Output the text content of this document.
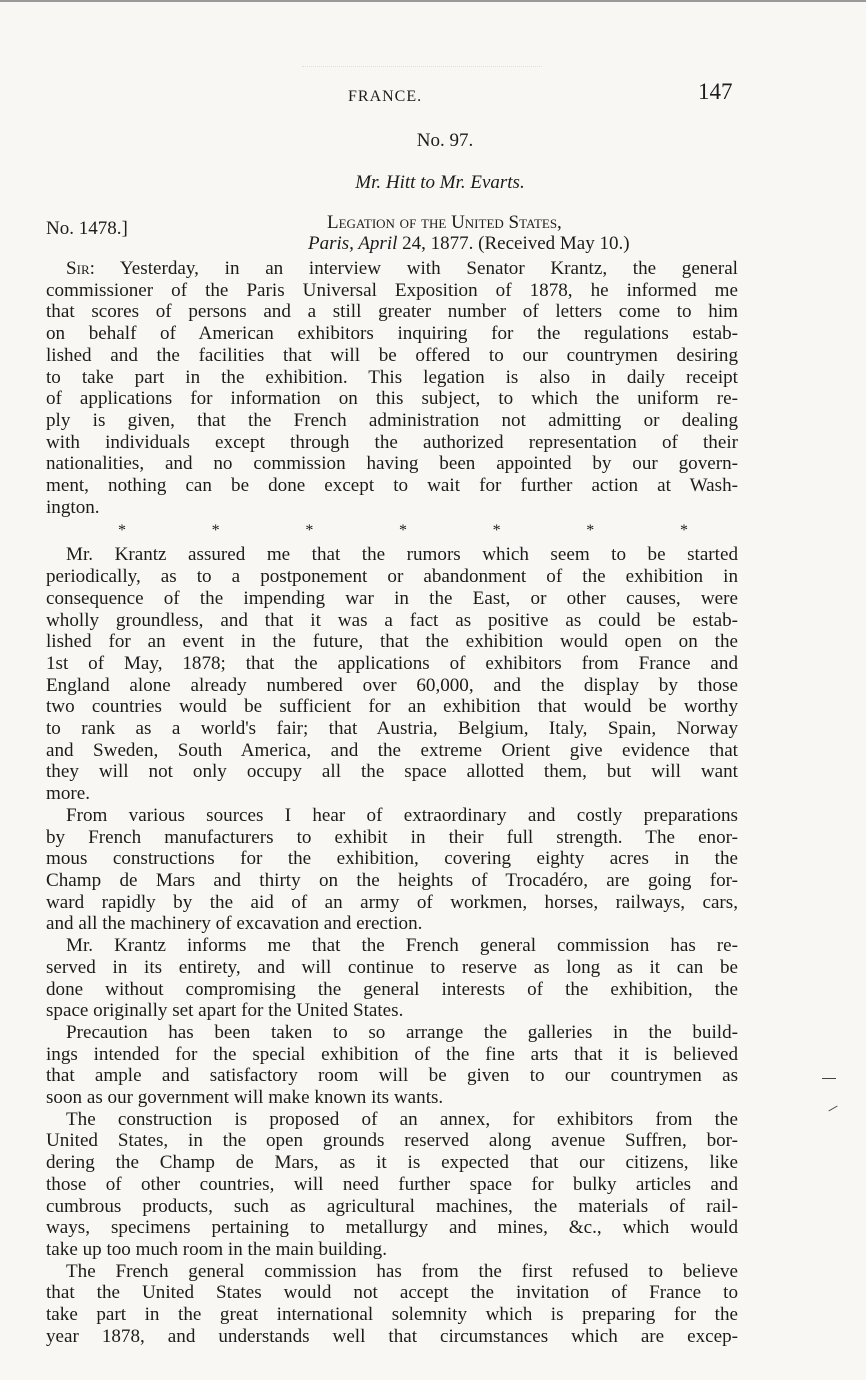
FRANCE.	147
No. 97.
Mr. Hitt to Mr. Evarts.
No. 1478.]	Legation of the United States,
Paris, April 24, 1877. (Received May 10.)
Sir: Yesterday, in an interview with Senator Krantz, the general
commissioner of the Paris Universal Exposition of 1878, he informed me
that scores of persons and a still greater number of letters come to him
on behalf of American exhibitors inquiring for the regulations estab-
lished and the facilities that will be offered to our countrymen desiring
to take part in the exhibition. This legation is also in daily receipt
of applications for information on this subject, to which the uniform re-
ply is given, that the French administration not admitting or dealing
with individuals except through the authorized representation of their
nationalities, and no commission having been appointed by our govern-
ment, nothing can be done except to wait for further action at Wash-
ington.
*	*	*	*	*	*	*
Mr. Krantz assured me that the rumors which seem to be started
periodically, as to a postponement or abandonment of the exhibition in
consequence of the impending war in the East, or other causes, were
wholly groundless, and that it was a fact as positive as could be estab-
lished for an event in the future, that the exhibition would open on the
1st of May, 1878; that the applications of exhibitors from France and
England alone already numbered over 60,000, and the display by those
two countries would be sufficient for an exhibition that would be worthy
to rank as a world's fair; that Austria, Belgium, Italy, Spain, Norway
and Sweden, South America, and the extreme Orient give evidence that
they will not only occupy all the space allotted them, but will want
more.
From various sources I hear of extraordinary and costly preparations
by French manufacturers to exhibit in their full strength. The enor-
mous constructions for the exhibition, covering eighty acres in the
Champ de Mars and thirty on the heights of Trocadéro, are going for-
ward rapidly by the aid of an army of workmen, horses, railways, cars,
and all the machinery of excavation and erection.
Mr. Krantz informs me that the French general commission has re-
served in its entirety, and will continue to reserve as long as it can be
done without compromising the general interests of the exhibition, the
space originally set apart for the United States.
Precaution has been taken to so arrange the galleries in the build-
ings intended for the special exhibition of the fine arts that it is believed
that ample and satisfactory room will be given to our countrymen as
soon as our government will make known its wants.
The construction is proposed of an annex, for exhibitors from the
United States, in the open grounds reserved along avenue Suffren, bor-
dering the Champ de Mars, as it is expected that our citizens, like
those of other countries, will need further space for bulky articles and
cumbrous products, such as agricultural machines, the materials of rail-
ways, specimens pertaining to metallurgy and mines, &c., which would
take up too much room in the main building.
The French general commission has from the first refused to believe
that the United States would not accept the invitation of France to
take part in the great international solemnity which is preparing for the
year 1878, and understands well that circumstances which are excep-
